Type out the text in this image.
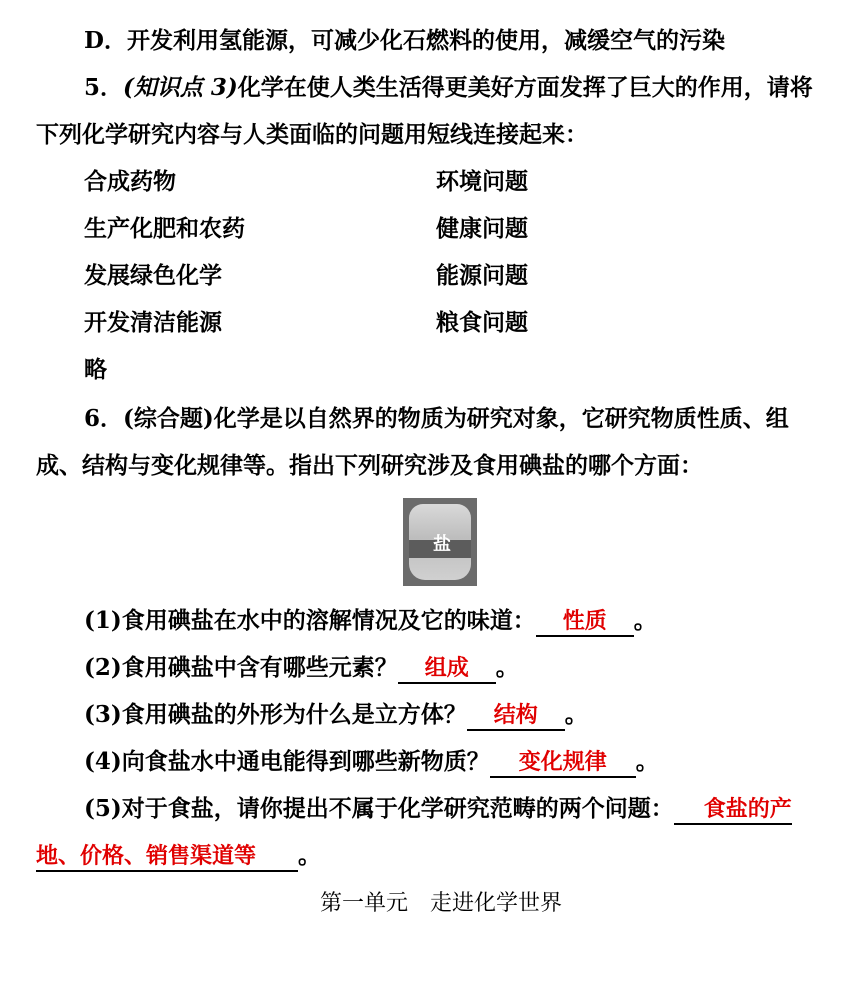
D．开发利用氢能源，可减少化石燃料的使用，减缓空气的污染
5．(知识点 3)化学在使人类生活得更美好方面发挥了巨大的作用，请将
下列化学研究内容与人类面临的问题用短线连接起来：
合成药物	环境问题
生产化肥和农药	健康问题
发展绿色化学	能源问题
开发清洁能源	粮食问题
略
6．(综合题)化学是以自然界的物质为研究对象，它研究物质性质、组
成、结构与变化规律等。指出下列研究涉及食用碘盐的哪个方面：
盐
(1)食用碘盐在水中的溶解情况及它的味道： 性质 。
(2)食用碘盐中含有哪些元素？ 组成 。
(3)食用碘盐的外形为什么是立方体？ 结构 。
(4)向食盐水中通电能得到哪些新物质？ 变化规律 。
(5)对于食盐，请你提出不属于化学研究范畴的两个问题： 食盐的产
地、价格、销售渠道等 。
第一单元　走进化学世界
